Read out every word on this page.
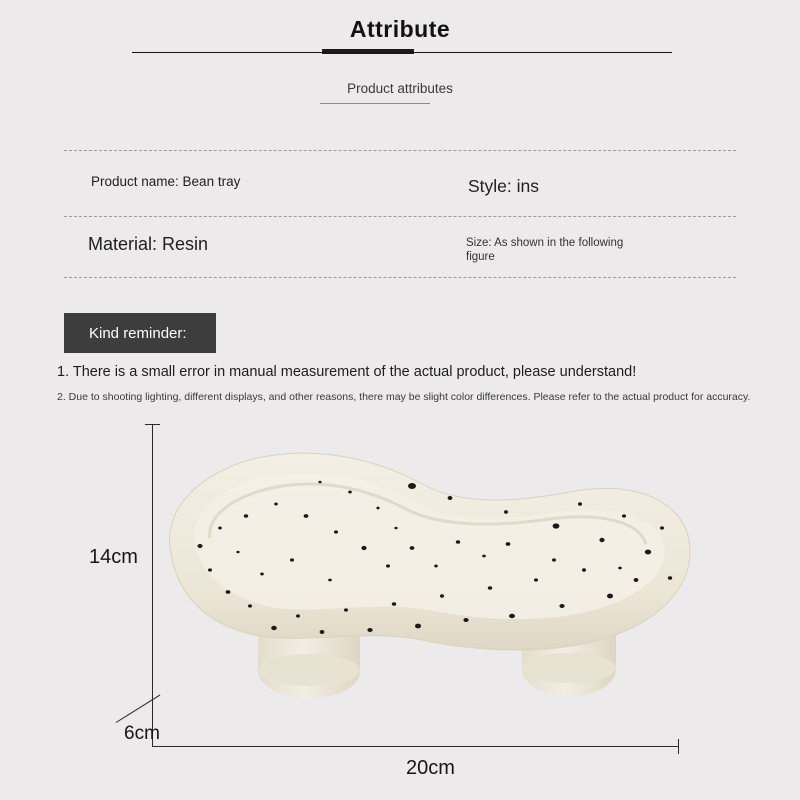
Attribute
Product attributes
Product name: Bean tray	Style: ins
Material: Resin	Size: As shown in the following figure
Kind reminder:
1. There is a small error in manual measurement of the actual product, please understand!
2. Due to shooting lighting, different displays, and other reasons, there may be slight color differences. Please refer to the actual product for accuracy.
14cm
6cm
20cm
